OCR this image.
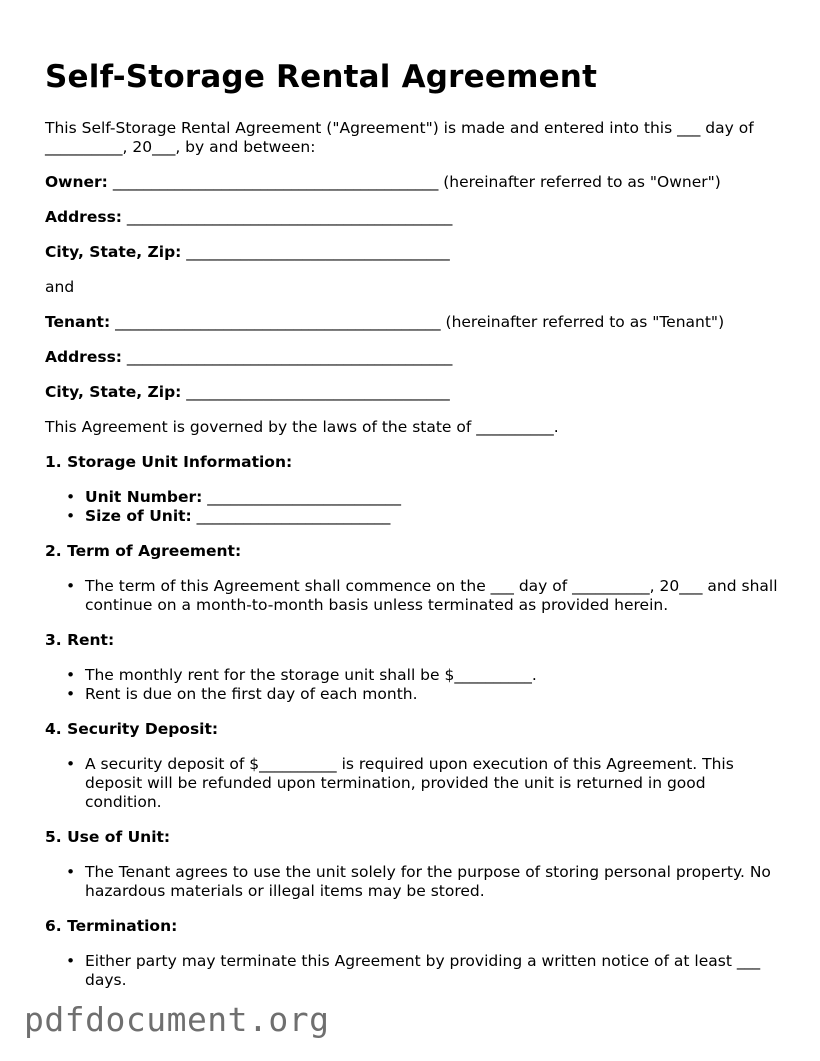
Self-Storage Rental Agreement

This Self-Storage Rental Agreement ("Agreement") is made and entered into this ___ day of __________, 20___, by and between:

Owner: __________________________________________ (hereinafter referred to as "Owner")
Address: __________________________________________
City, State, Zip: __________________________________

and

Tenant: __________________________________________ (hereinafter referred to as "Tenant")
Address: __________________________________________
City, State, Zip: __________________________________

This Agreement is governed by the laws of the state of __________.

1. Storage Unit Information:
• Unit Number: _________________________
• Size of Unit: _________________________
2. Term of Agreement:
• The term of this Agreement shall commence on the ___ day of __________, 20___ and shall continue on a month-to-month basis unless terminated as provided herein.
3. Rent:
• The monthly rent for the storage unit shall be $__________.
• Rent is due on the first day of each month.
4. Security Deposit:
• A security deposit of $__________ is required upon execution of this Agreement. This deposit will be refunded upon termination, provided the unit is returned in good condition.
5. Use of Unit:
• The Tenant agrees to use the unit solely for the purpose of storing personal property. No hazardous materials or illegal items may be stored.
6. Termination:
• Either party may terminate this Agreement by providing a written notice of at least ___ days.
pdfdocument.org
